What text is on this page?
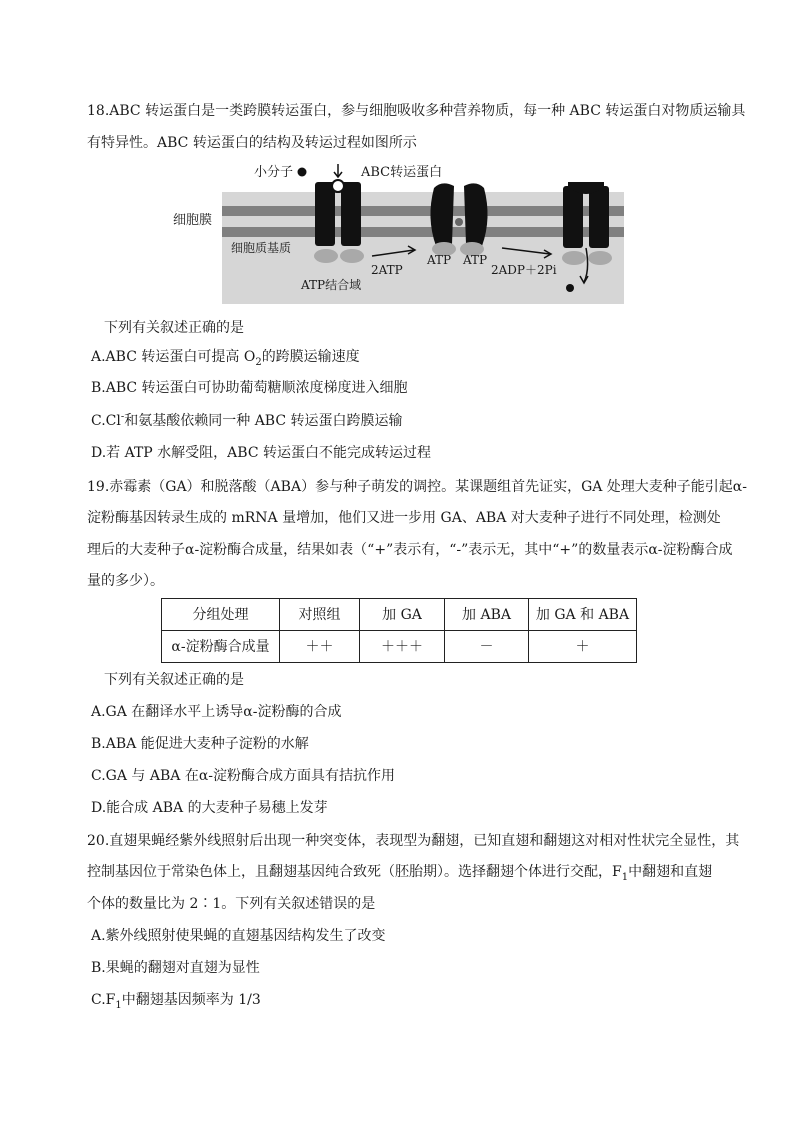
18.ABC 转运蛋白是一类跨膜转运蛋白，参与细胞吸收多种营养物质，每一种 ABC 转运蛋白对物质运输具
有特异性。ABC 转运蛋白的结构及转运过程如图所示
小分子	ABC转运蛋白
细胞膜
细胞质基质
ATP结合域
2ATP
ATP ATP
2ADP＋2Pi
下列有关叙述正确的是
A.ABC 转运蛋白可提高 $O_2$的跨膜运输速度
B.ABC 转运蛋白可协助葡萄糖顺浓度梯度进入细胞
C.Cl-和氨基酸依赖同一种 ABC 转运蛋白跨膜运输
D.若 ATP 水解受阻，ABC 转运蛋白不能完成转运过程
19.赤霉素（GA）和脱落酸（ABA）参与种子萌发的调控。某课题组首先证实，GA 处理大麦种子能引起α-
淀粉酶基因转录生成的 mRNA 量增加，他们又进一步用 GA、ABA 对大麦种子进行不同处理，检测处
理后的大麦种子α-淀粉酶合成量，结果如表（“+”表示有，“-”表示无，其中“+”的数量表示α-淀粉酶合成
量的多少）。
分组处理	对照组	加 GA	加 ABA	加 GA 和 ABA
α-淀粉酶合成量	＋＋	＋＋＋	－	＋
下列有关叙述正确的是
A.GA 在翻译水平上诱导α-淀粉酶的合成
B.ABA 能促进大麦种子淀粉的水解
C.GA 与 ABA 在α-淀粉酶合成方面具有拮抗作用
D.能合成 ABA 的大麦种子易穗上发芽
20.直翅果蝇经紫外线照射后出现一种突变体，表现型为翻翅，已知直翅和翻翅这对相对性状完全显性，其
控制基因位于常染色体上，且翻翅基因纯合致死（胚胎期）。选择翻翅个体进行交配，$F_1$中翻翅和直翅
个体的数量比为 2∶1。下列有关叙述错误的是
A.紫外线照射使果蝇的直翅基因结构发生了改变
B.果蝇的翻翅对直翅为显性
$C.F_1$中翻翅基因频率为 1/3
